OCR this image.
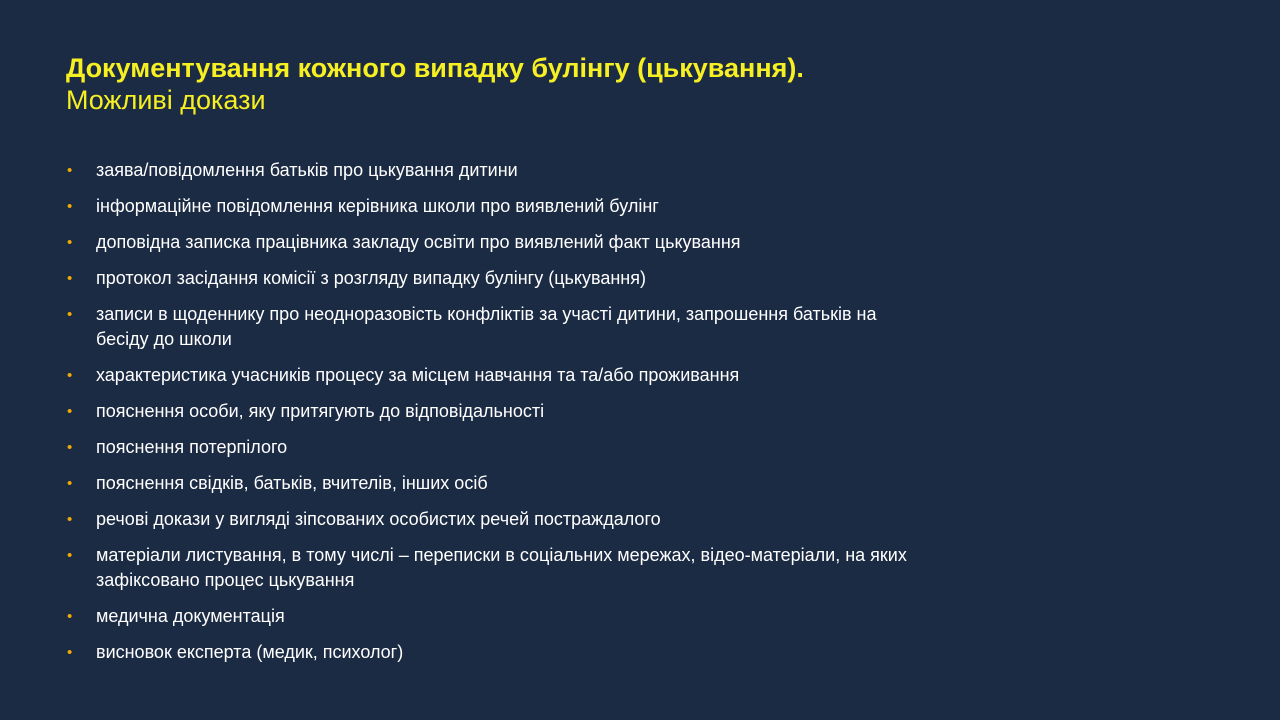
Документування кожного випадку булінгу (цькування).

Можливі докази

• заява/повідомлення батьків про цькування дитини
• інформаційне повідомлення керівника школи про виявлений булінг
• доповідна записка працівника закладу освіти про виявлений факт цькування
• протокол засідання комісії з розгляду випадку булінгу (цькування)
• записи в щоденнику про неодноразовість конфліктів за участі дитини, запрошення батьків на бесіду до школи
• характеристика учасників процесу за місцем навчання та та/або проживання
• пояснення особи, яку притягують до відповідальності
• пояснення потерпілого
• пояснення свідків, батьків, вчителів, інших осіб
• речові докази у вигляді зіпсованих особистих речей постраждалого
• матеріали листування, в тому числі – переписки в соціальних мережах, відео-матеріали, на яких зафіксовано процес цькування
• медична документація
• висновок експерта (медик, психолог)
